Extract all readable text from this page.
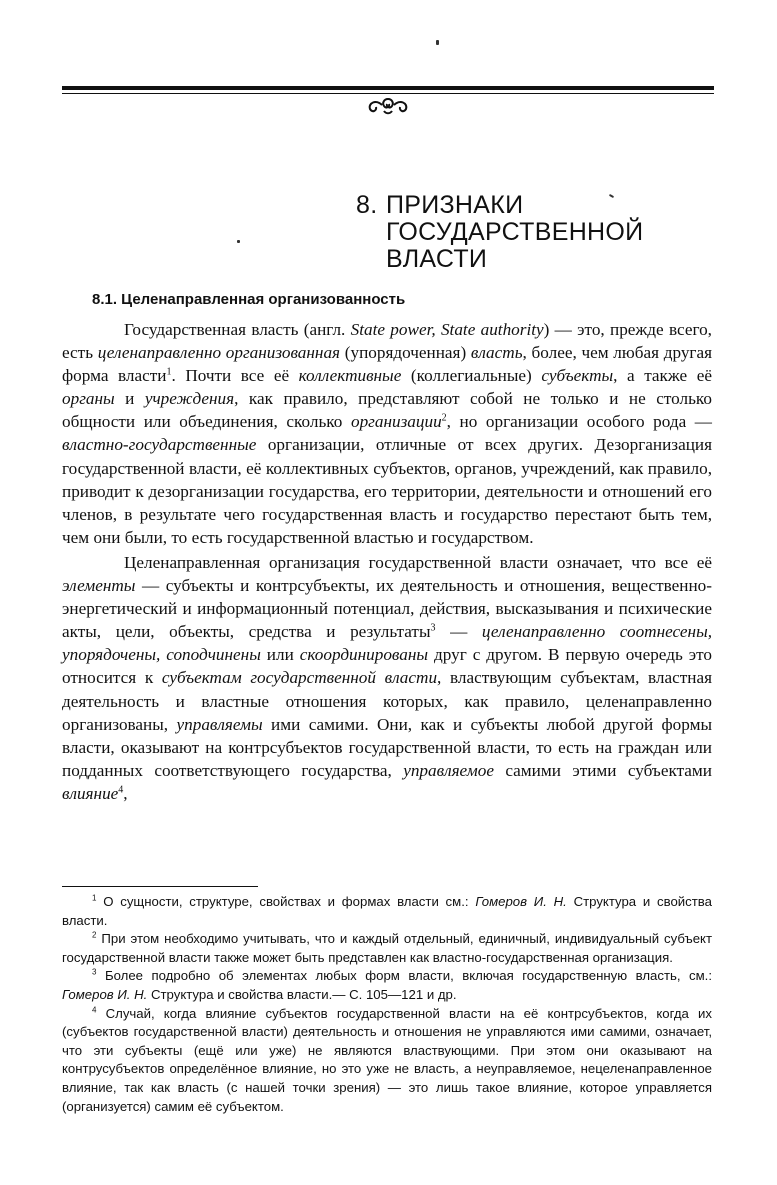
8. ПРИЗНАКИ
ГОСУДАРСТВЕННОЙ
ВЛАСТИ
8.1. Целенаправленная организованность

Государственная власть (англ. State power, State authority) — это, прежде всего, есть целенаправленно организованная (упорядоченная) власть, более, чем любая другая форма власти$^1$. Почти все её коллективные (коллегиальные) субъекты, а также её органы и учреждения, как правило, представляют собой не только и не столько общности или объединения, сколько организации$^2$, но организации особого рода — властно-государственные организации, отличные от всех других. Дезорганизация государственной власти, её коллективных субъектов, органов, учреждений, как правило, приводит к дезорганизации государства, его территории, деятельности и отношений его членов, в результате чего государственная власть и государство перестают быть тем, чем они были, то есть государственной властью и государством.

Целенаправленная организация государственной власти означает, что все её элементы — субъекты и контрсубъекты, их деятельность и отношения, вещественно-энергетический и информационный потенциал, действия, высказывания и психические акты, цели, объекты, средства и результаты$^3$ — целенаправленно соотнесены, упорядочены, соподчинены или скоординированы друг с другом. В первую очередь это относится к субъектам государственной власти, властвующим субъектам, властная деятельность и властные отношения которых, как правило, целенаправленно организованы, управляемы ими самими. Они, как и субъекты любой другой формы власти, оказывают на контрсубъектов государственной власти, то есть на граждан или подданных соответствующего государства, управляемое самими этими субъектами влияние$^4$,

$^1$ О сущности, структуре, свойствах и формах власти см.: Гомеров И. Н. Структура и свойства власти.

$^2$ При этом необходимо учитывать, что и каждый отдельный, единичный, индивидуальный субъект государственной власти также может быть представлен как властно-государственная организация.

$^3$ Более подробно об элементах любых форм власти, включая государственную власть, см.: Гомеров И. Н. Структура и свойства власти.— С. 105—121 и др.

$^4$ Случай, когда влияние субъектов государственной власти на её контрсубъектов, когда их (субъектов государственной власти) деятельность и отношения не управляются ими самими, означает, что эти субъекты (ещё или уже) не являются властвующими. При этом они оказывают на контрусубъектов определённое влияние, но это уже не власть, а неуправляемое, нецеленаправленное влияние, так как власть (с нашей точки зрения) — это лишь такое влияние, которое управляется (организуется) самим её субъектом.
